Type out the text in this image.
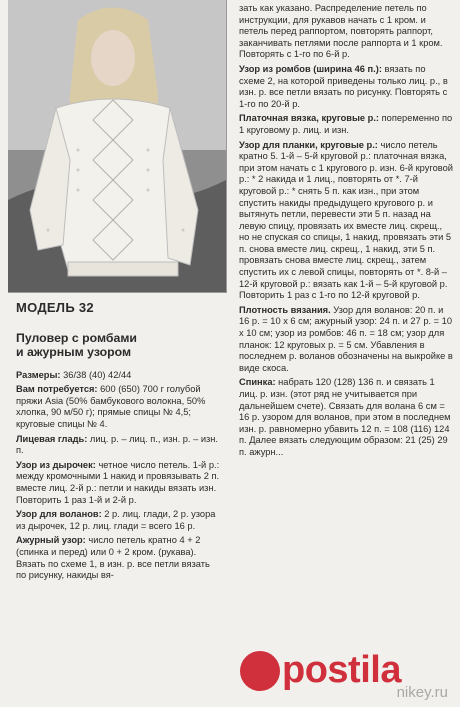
МОДЕЛЬ 32
Пуловер с ромбами
и ажурным узором

Размеры: 36/38 (40) 42/44

Вам потребуется: 600 (650) 700 г голубой пряжи Asia (50% бамбукового волокна, 50% хлопка, 90 м/50 г); прямые спицы № 4,5; круговые спицы № 4.

Лицевая гладь: лиц. р. – лиц. п., изн. р. – изн. п.

Узор из дырочек: четное число петель. 1-й р.: между кромочными 1 накид и провязывать 2 п. вместе лиц. 2-й р.: петли и накиды вязать изн. Повторить 1 раз 1-й и 2-й р.

Узор для воланов: 2 р. лиц. глади, 2 р. узора из дырочек, 12 р. лиц. глади = всего 16 р.

Ажурный узор: число петель кратно 4 + 2 (спинка и перед) или 0 + 2 кром. (рукава). Вязать по схеме 1, в изн. р. все петли вязать по рисунку, накиды вя-

зать как указано. Распределение петель по инструкции, для рукавов начать с 1 кром. и петель перед раппортом, повторять раппорт, заканчивать петлями после раппорта и 1 кром. Повторять с 1-го по 6-й р.

Узор из ромбов (ширина 46 п.): вязать по схеме 2, на которой приведены только лиц. р., в изн. р. все петли вязать по рисунку. Повторять с 1-го по 20-й р.

Платочная вязка, круговые р.: попеременно по 1 круговому р. лиц. и изн.

Узор для планки, круговые р.: число петель кратно 5. 1-й – 5-й круговой р.: платочная вязка, при этом начать с 1 кругового р. изн. 6-й круговой р.: * 2 накида и 1 лиц., повторять от *. 7-й круговой р.: * снять 5 п. как изн., при этом спустить накиды предыдущего кругового р. и вытянуть петли, перевести эти 5 п. назад на левую спицу, провязать их вместе лиц. скрещ., но не спуская со спицы, 1 накид, провязать эти 5 п. снова вместе лиц. скрещ., 1 накид, эти 5 п. провязать снова вместе лиц. скрещ., затем спустить их с левой спицы, повторять от *. 8-й – 12-й круговой р.: вязать как 1-й – 5-й круговой р. Повторить 1 раз с 1-го по 12-й круговой р.

Плотность вязания. Узор для воланов: 20 п. и 16 р. = 10 х 6 см; ажурный узор: 24 п. и 27 р. = 10 х 10 см; узор из ромбов: 46 п. = 18 см; узор для планок: 12 круговых р. = 5 см. Убавления в последнем р. воланов обозначены на выкройке в виде скоса.

Спинка: набрать 120 (128) 136 п. и связать 1 лиц. р. изн. (этот ряд не учитывается при дальнейшем счете). Связать для волана 6 см = 16 р. узором для воланов, при этом в последнем изн. р. равномерно убавить 12 п. = 108 (116) 124 п. Далее вязать следующим образом: 21 (25) 29 п. ажурн...

postila
nikey.ru
